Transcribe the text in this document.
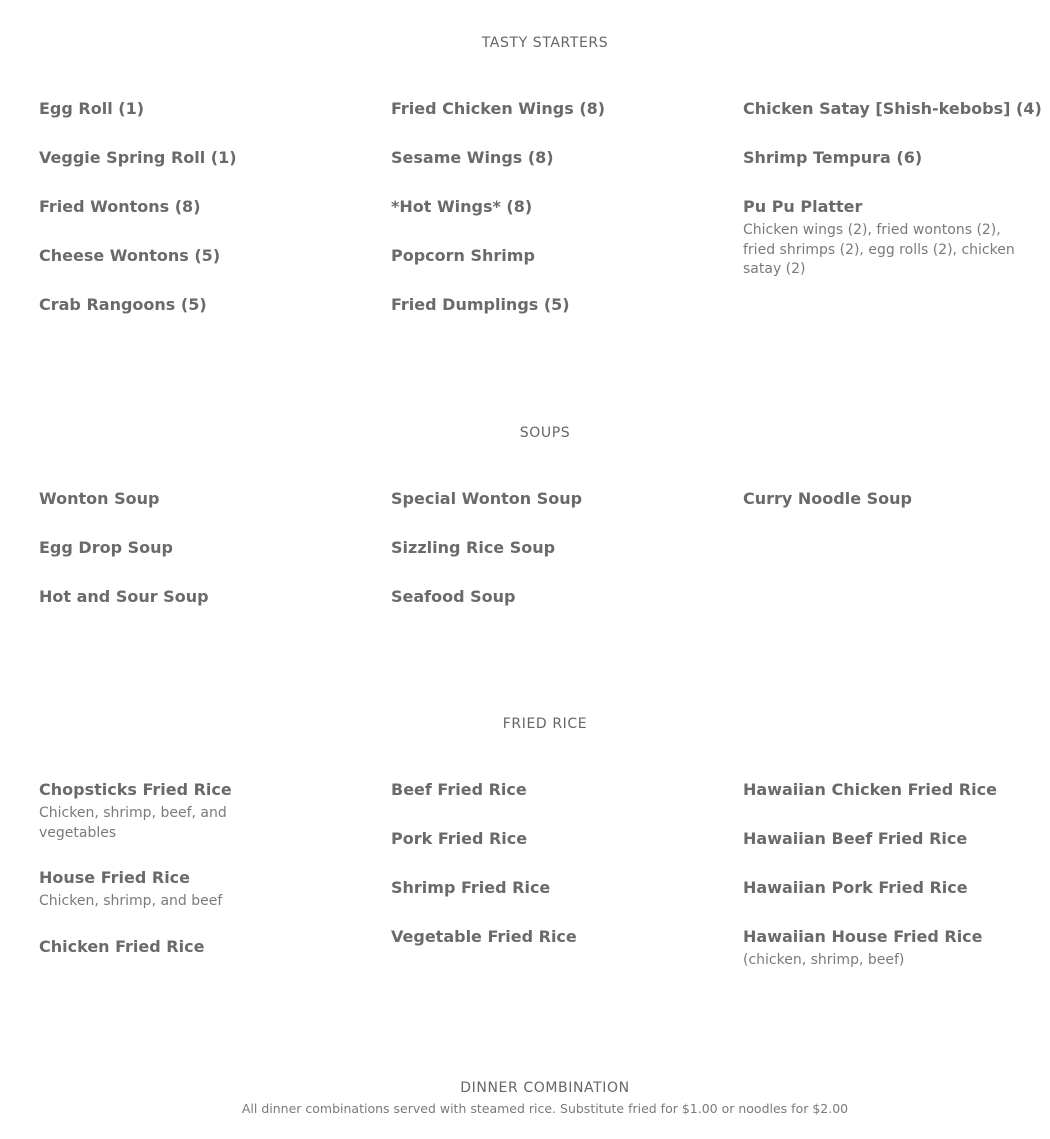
TASTY STARTERS
Egg Roll (1)
Veggie Spring Roll (1)
Fried Wontons (8)
Cheese Wontons (5)
Crab Rangoons (5)
Fried Chicken Wings (8)
Sesame Wings (8)
*Hot Wings* (8)
Popcorn Shrimp
Fried Dumplings (5)
Chicken Satay [Shish-kebobs] (4)
Shrimp Tempura (6)
Pu Pu Platter
Chicken wings (2), fried wontons (2), fried shrimps (2), egg rolls (2), chicken satay (2)
SOUPS
Wonton Soup
Egg Drop Soup
Hot and Sour Soup
Special Wonton Soup
Sizzling Rice Soup
Seafood Soup
Curry Noodle Soup
FRIED RICE
Chopsticks Fried Rice
Chicken, shrimp, beef, and vegetables
House Fried Rice
Chicken, shrimp, and beef
Chicken Fried Rice
Beef Fried Rice
Pork Fried Rice
Shrimp Fried Rice
Vegetable Fried Rice
Hawaiian Chicken Fried Rice
Hawaiian Beef Fried Rice
Hawaiian Pork Fried Rice
Hawaiian House Fried Rice
(chicken, shrimp, beef)
DINNER COMBINATION
All dinner combinations served with steamed rice. Substitute fried for $1.00 or noodles for $2.00
